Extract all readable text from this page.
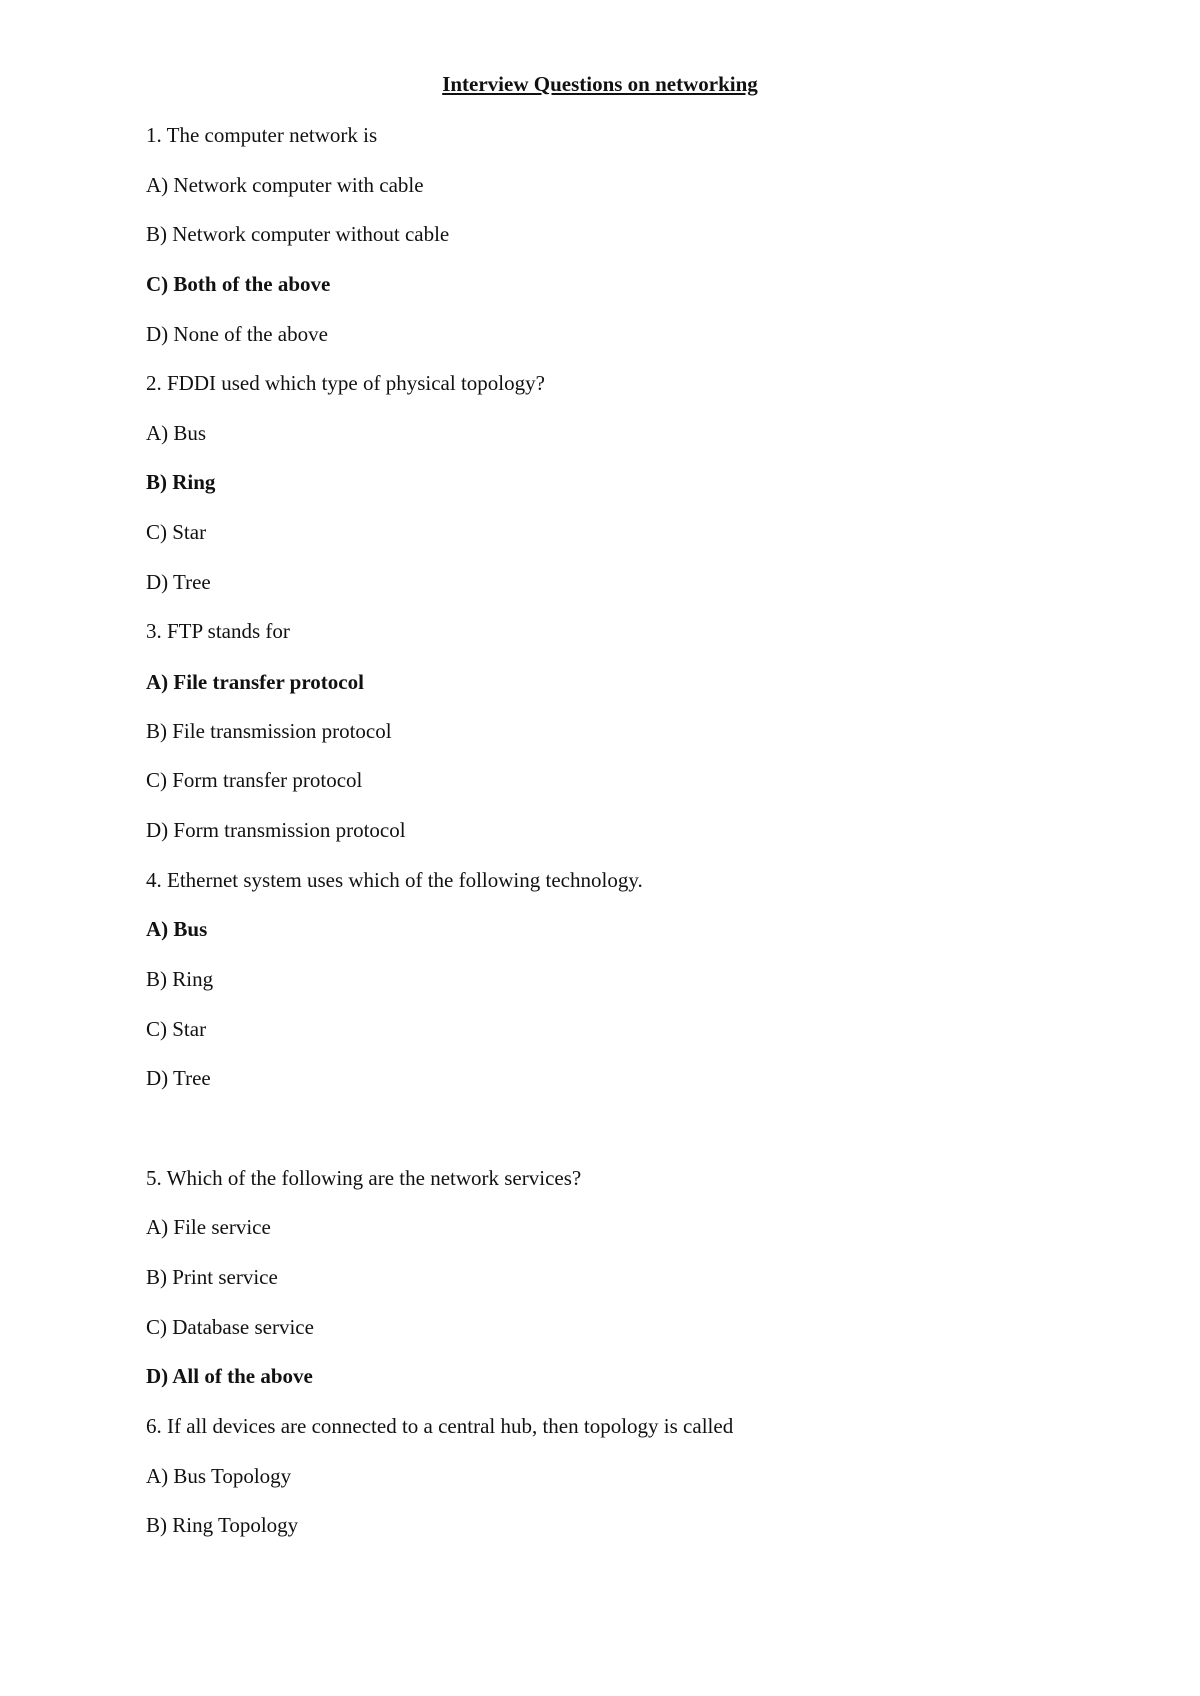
Interview Questions on networking
1. The computer network is
A) Network computer with cable
B) Network computer without cable
C) Both of the above
D) None of the above
2. FDDI used which type of physical topology?
A) Bus
B) Ring
C) Star
D) Tree
3. FTP stands for
A) File transfer protocol
B) File transmission protocol
C) Form transfer protocol
D) Form transmission protocol
4. Ethernet system uses which of the following technology.
A) Bus
B) Ring
C) Star
D) Tree
5. Which of the following are the network services?
A) File service
B) Print service
C) Database service
D) All of the above
6. If all devices are connected to a central hub, then topology is called
A) Bus Topology
B) Ring Topology
